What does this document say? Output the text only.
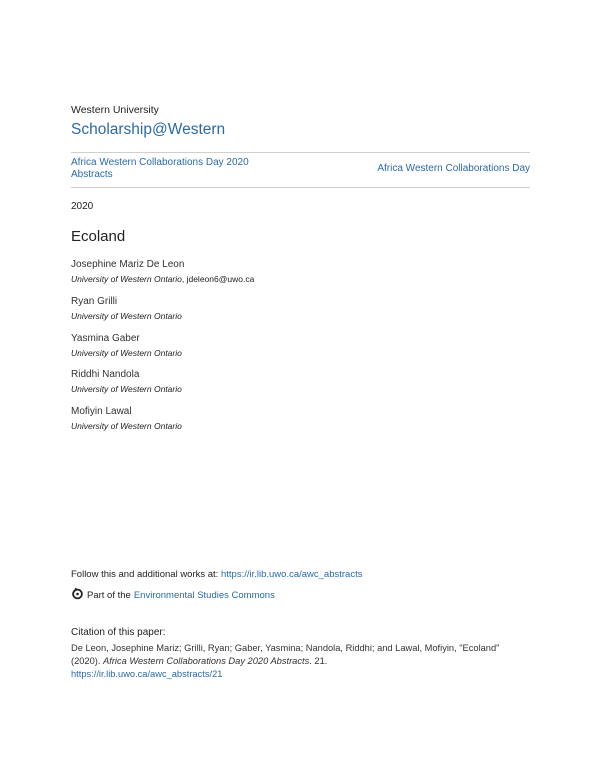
Western University
Scholarship@Western
Africa Western Collaborations Day 2020 Abstracts
Africa Western Collaborations Day
2020
Ecoland
Josephine Mariz De Leon
University of Western Ontario, jdeleon6@uwo.ca
Ryan Grilli
University of Western Ontario
Yasmina Gaber
University of Western Ontario
Riddhi Nandola
University of Western Ontario
Mofiyin Lawal
University of Western Ontario
Follow this and additional works at: https://ir.lib.uwo.ca/awc_abstracts
Part of the Environmental Studies Commons
Citation of this paper:
De Leon, Josephine Mariz; Grilli, Ryan; Gaber, Yasmina; Nandola, Riddhi; and Lawal, Mofiyin, "Ecoland" (2020). Africa Western Collaborations Day 2020 Abstracts. 21.
https://ir.lib.uwo.ca/awc_abstracts/21
